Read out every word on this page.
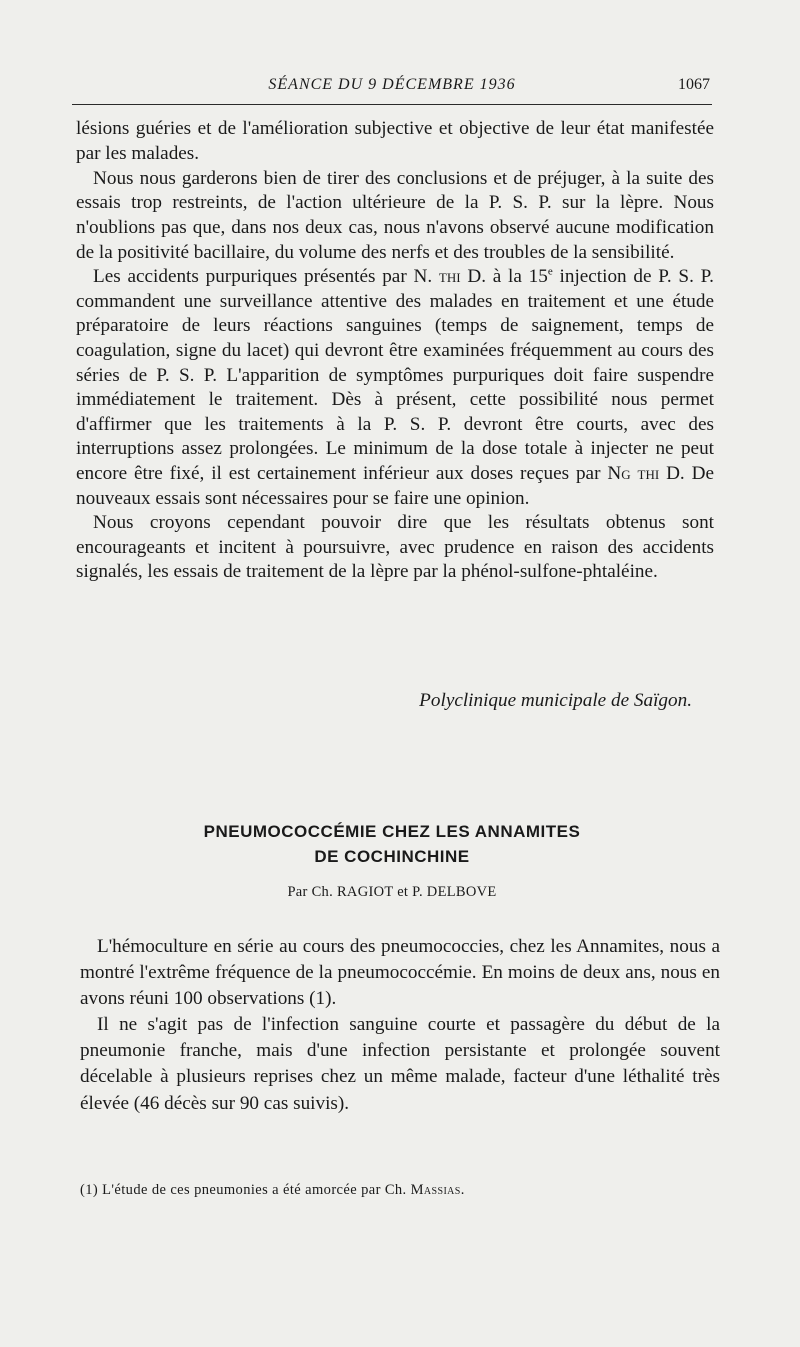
SÉANCE DU 9 DÉCEMBRE 1936	1067

lésions guéries et de l'amélioration subjective et objective de leur état manifestée par les malades.

Nous nous garderons bien de tirer des conclusions et de préjuger, à la suite des essais trop restreints, de l'action ultérieure de la P. S. P. sur la lèpre. Nous n'oublions pas que, dans nos deux cas, nous n'avons observé aucune modification de la positivité bacillaire, du volume des nerfs et des troubles de la sensibilité.

Les accidents purpuriques présentés par N. thi D. à la 15e injection de P. S. P. commandent une surveillance attentive des malades en traitement et une étude préparatoire de leurs réactions sanguines (temps de saignement, temps de coagulation, signe du lacet) qui devront être examinées fréquemment au cours des séries de P. S. P. L'apparition de symptômes purpuriques doit faire suspendre immédiatement le traitement. Dès à présent, cette possibilité nous permet d'affirmer que les traitements à la P. S. P. devront être courts, avec des interruptions assez prolongées. Le minimum de la dose totale à injecter ne peut encore être fixé, il est certainement inférieur aux doses reçues par Ng thi D. De nouveaux essais sont nécessaires pour se faire une opinion.

Nous croyons cependant pouvoir dire que les résultats obtenus sont encourageants et incitent à poursuivre, avec prudence en raison des accidents signalés, les essais de traitement de la lèpre par la phénol-sulfone-phtaléine.

Polyclinique municipale de Saïgon.
PNEUMOCOCCÉMIE CHEZ LES ANNAMITES
DE COCHINCHINE
Par Ch. RAGIOT et P. DELBOVE

L'hémoculture en série au cours des pneumococcies, chez les Annamites, nous a montré l'extrême fréquence de la pneumococcémie. En moins de deux ans, nous en avons réuni 100 observations (1).

Il ne s'agit pas de l'infection sanguine courte et passagère du début de la pneumonie franche, mais d'une infection persistante et prolongée souvent décelable à plusieurs reprises chez un même malade, facteur d'une léthalité très élevée (46 décès sur 90 cas suivis).

(1) L'étude de ces pneumonies a été amorcée par Ch. Massias.
